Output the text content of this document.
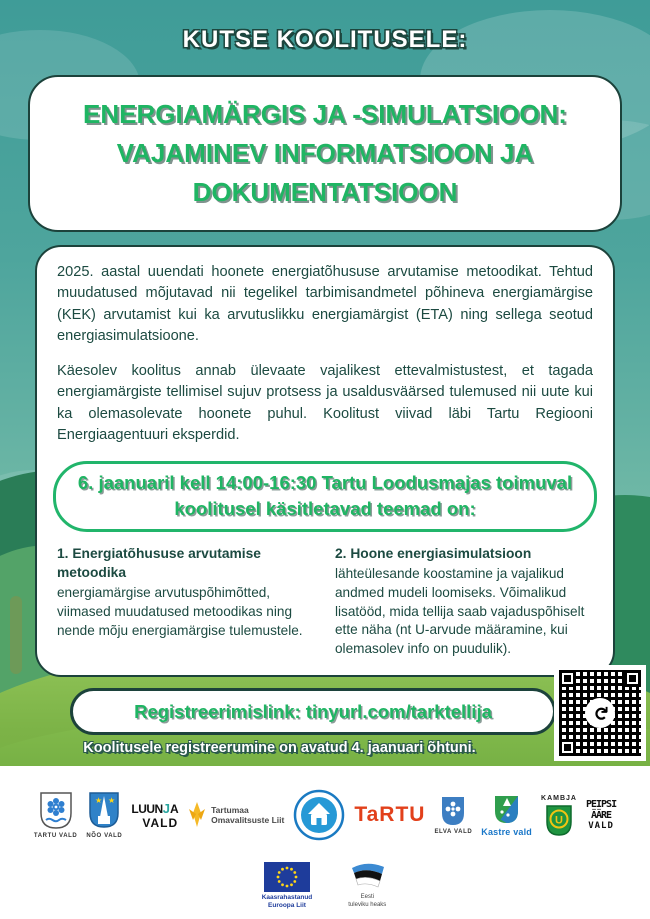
KUTSE KOOLITUSELE:
ENERGIAMÄRGIS JA -SIMULATSIOON: VAJAMINEV INFORMATSIOON JA DOKUMENTATSIOON

2025. aastal uuendati hoonete energiatõhususe arvutamise metoodikat. Tehtud muudatused mõjutavad nii tegelikel tarbimisandmetel põhineva energiamärgise (KEK) arvutamist kui ka arvutuslikku energiamärgist (ETA) ning sellega seotud energiasimulatsioone.

Käesolev koolitus annab ülevaate vajalikest ettevalmistustest, et tagada energiamärgiste tellimisel sujuv protsess ja usaldusväärsed tulemused nii uute kui ka olemasolevate hoonete puhul. Koolitust viivad läbi Tartu Regiooni Energiaagentuuri eksperdid.

6. jaanuaril kell 14:00-16:30 Tartu Loodusmajas toimuval koolitusel käsitletavad teemad on:
1. Energiatõhususe arvutamise metoodika
energiamärgise arvutuspõhimõtted, viimased muudatused metoodikas ning nende mõju energiamärgise tulemustele.
2. Hoone energiasimulatsioon
lähteülesande koostamine ja vajalikud andmed mudeli loomiseks. Võimalikud lisatööd, mida tellija saab vajaduspõhiselt ette näha (nt U-arvude määramine, kui olemasolev info on puudulik).
↻
Registreerimislink: tinyurl.com/tarktellija
Koolitusele registreerumine on avatud 4. jaanuari õhtuni.
TARTU VALD
★ ★
NÕO VALD
LUUNJA
VALD
Tartumaa
Omavalitsuste Liit	TaRTU
ELVA VALD Kastre vald
KAMBJA
U
PEIPSI
ÄÄRE
VALD
Kaasrahastanud
Euroopa Liit
Eesti
tuleviku heaks
